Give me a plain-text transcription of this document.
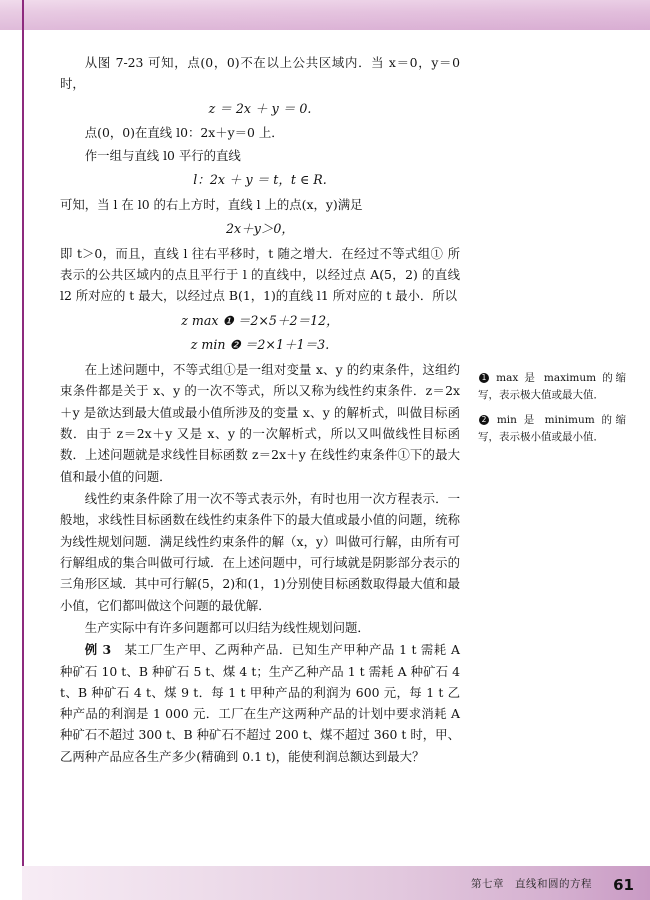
从图 7-23 可知，点(0，0)不在以上公共区域内．当 x＝0，y＝0 时，

z ＝ 2x ＋ y ＝ 0.

点(0，0)在直线 l0：2x＋y＝0 上．

作一组与直线 l0 平行的直线

l：2x ＋ y ＝ t，t ∈ R.

可知，当 l 在 l0 的右上方时，直线 l 上的点(x，y)满足

2x＋y＞0，

即 t＞0，而且，直线 l 往右平移时，t 随之增大．在经过不等式组① 所表示的公共区域内的点且平行于 l 的直线中，以经过点 A(5，2) 的直线 l2 所对应的 t 最大，以经过点 B(1，1)的直线 l1 所对应的 t 最小．所以

z max ❶ ＝2×5＋2＝12，
z min ❷ ＝2×1＋1＝3.

在上述问题中，不等式组①是一组对变量 x、y 的约束条件，这组约束条件都是关于 x、y 的一次不等式，所以又称为线性约束条件．z＝2x＋y 是欲达到最大值或最小值所涉及的变量 x、y 的解析式，叫做目标函数．由于 z＝2x＋y 又是 x、y 的一次解析式，所以又叫做线性目标函数．上述问题就是求线性目标函数 z＝2x＋y 在线性约束条件①下的最大值和最小值的问题．

线性约束条件除了用一次不等式表示外，有时也用一次方程表示．一般地，求线性目标函数在线性约束条件下的最大值或最小值的问题，统称为线性规划问题．满足线性约束条件的解（x，y）叫做可行解，由所有可行解组成的集合叫做可行域．在上述问题中，可行域就是阴影部分表示的三角形区域．其中可行解(5，2)和(1，1)分别使目标函数取得最大值和最小值，它们都叫做这个问题的最优解．

生产实际中有许多问题都可以归结为线性规划问题．

例 3　 某工厂生产甲、乙两种产品．已知生产甲种产品 1 t 需耗 A 种矿石 10 t、B 种矿石 5 t、煤 4 t；生产乙种产品 1 t 需耗 A 种矿石 4 t、B 种矿石 4 t、煤 9 t．每 1 t 甲种产品的利润为 600 元，每 1 t 乙种产品的利润是 1 000 元．工厂在生产这两种产品的计划中要求消耗 A 种矿石不超过 300 t、B 种矿石不超过 200 t、煤不超过 360 t 时，甲、乙两种产品应各生产多少(精确到 0.1 t)，能使利润总额达到最大？

1 max 是 maximum 的缩写，表示极大值或最大值．
2 min 是 minimum 的缩写，表示极小值或最小值．
第七章　直线和圆的方程 61
